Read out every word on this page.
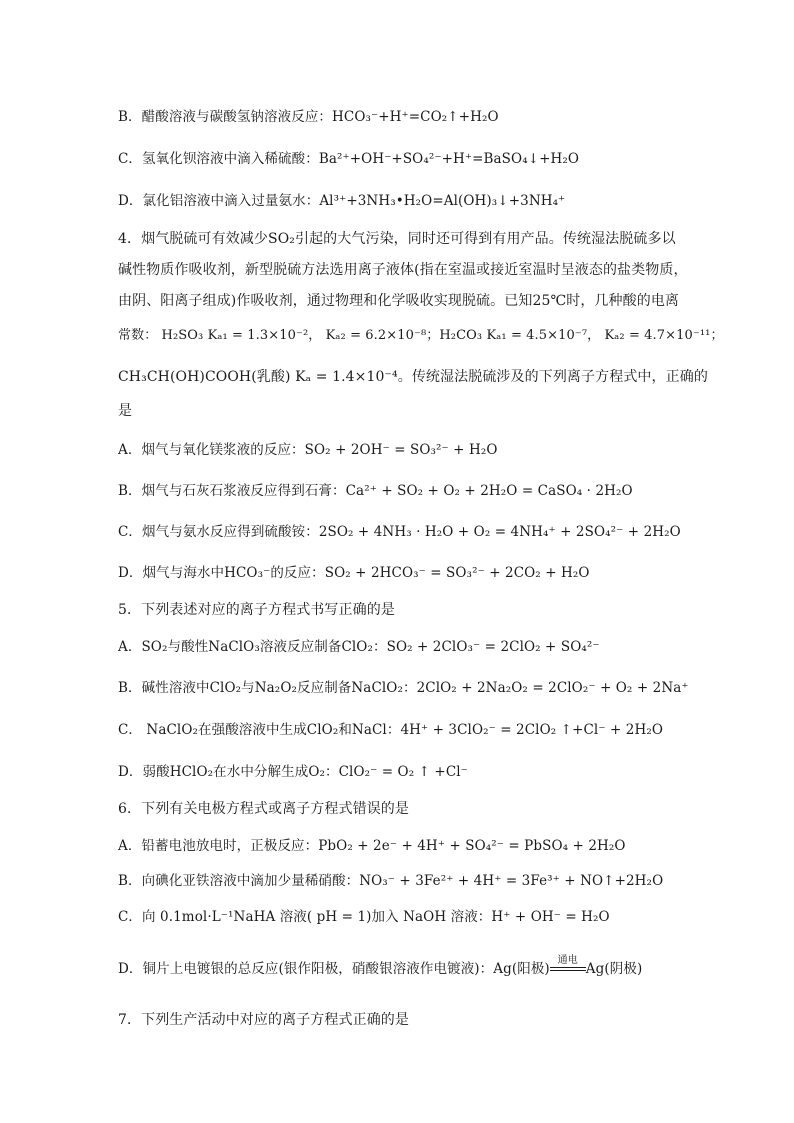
B．醋酸溶液与碳酸氢钠溶液反应：HCO₃⁻+H⁺=CO₂↑+H₂O
C．氢氧化钡溶液中滴入稀硫酸：Ba²⁺+OH⁻+SO₄²⁻+H⁺=BaSO₄↓+H₂O
D．氯化铝溶液中滴入过量氨水：Al³⁺+3NH₃•H₂O=Al(OH)₃↓+3NH₄⁺
4．烟气脱硫可有效减少SO₂引起的大气污染，同时还可得到有用产品。传统湿法脱硫多以
碱性物质作吸收剂，新型脱硫方法选用离子液体(指在室温或接近室温时呈液态的盐类物质，
由阴、阳离子组成)作吸收剂，通过物理和化学吸收实现脱硫。已知25℃时，几种酸的电离
常数： H₂SO₃ Kₐ₁ = 1.3×10⁻²， Kₐ₂ = 6.2×10⁻⁸；H₂CO₃ Kₐ₁ = 4.5×10⁻⁷， Kₐ₂ = 4.7×10⁻¹¹；
CH₃CH(OH)COOH(乳酸) Kₐ = 1.4×10⁻⁴。传统湿法脱硫涉及的下列离子方程式中，正确的
是
A．烟气与氧化镁浆液的反应：SO₂ + 2OH⁻ = SO₃²⁻ + H₂O
B．烟气与石灰石浆液反应得到石膏：Ca²⁺ + SO₂ + O₂ + 2H₂O = CaSO₄ · 2H₂O
C．烟气与氨水反应得到硫酸铵：2SO₂ + 4NH₃ · H₂O + O₂ = 4NH₄⁺ + 2SO₄²⁻ + 2H₂O
D．烟气与海水中HCO₃⁻的反应：SO₂ + 2HCO₃⁻ = SO₃²⁻ + 2CO₂ + H₂O
5．下列表述对应的离子方程式书写正确的是
A．SO₂与酸性NaClO₃溶液反应制备ClO₂：SO₂ + 2ClO₃⁻ = 2ClO₂ + SO₄²⁻
B．碱性溶液中ClO₂与Na₂O₂反应制备NaClO₂：2ClO₂ + 2Na₂O₂ = 2ClO₂⁻ + O₂ + 2Na⁺
C． NaClO₂在强酸溶液中生成ClO₂和NaCl：4H⁺ + 3ClO₂⁻ = 2ClO₂ ↑+Cl⁻ + 2H₂O
D．弱酸HClO₂在水中分解生成O₂：ClO₂⁻ = O₂ ↑ +Cl⁻
6．下列有关电极方程式或离子方程式错误的是
A．铅蓄电池放电时，正极反应：PbO₂ + 2e⁻ + 4H⁺ + SO₄²⁻ = PbSO₄ + 2H₂O
B．向碘化亚铁溶液中滴加少量稀硝酸：NO₃⁻ + 3Fe²⁺ + 4H⁺ = 3Fe³⁺ + NO↑+2H₂O
C．向 0.1mol·L⁻¹NaHA 溶液( pH = 1)加入 NaOH 溶液：H⁺ + OH⁻ = H₂O
D．铜片上电镀银的总反应(银作阳极，硝酸银溶液作电镀液)：Ag(阳极)
通电
Ag(阴极)
7．下列生产活动中对应的离子方程式正确的是
